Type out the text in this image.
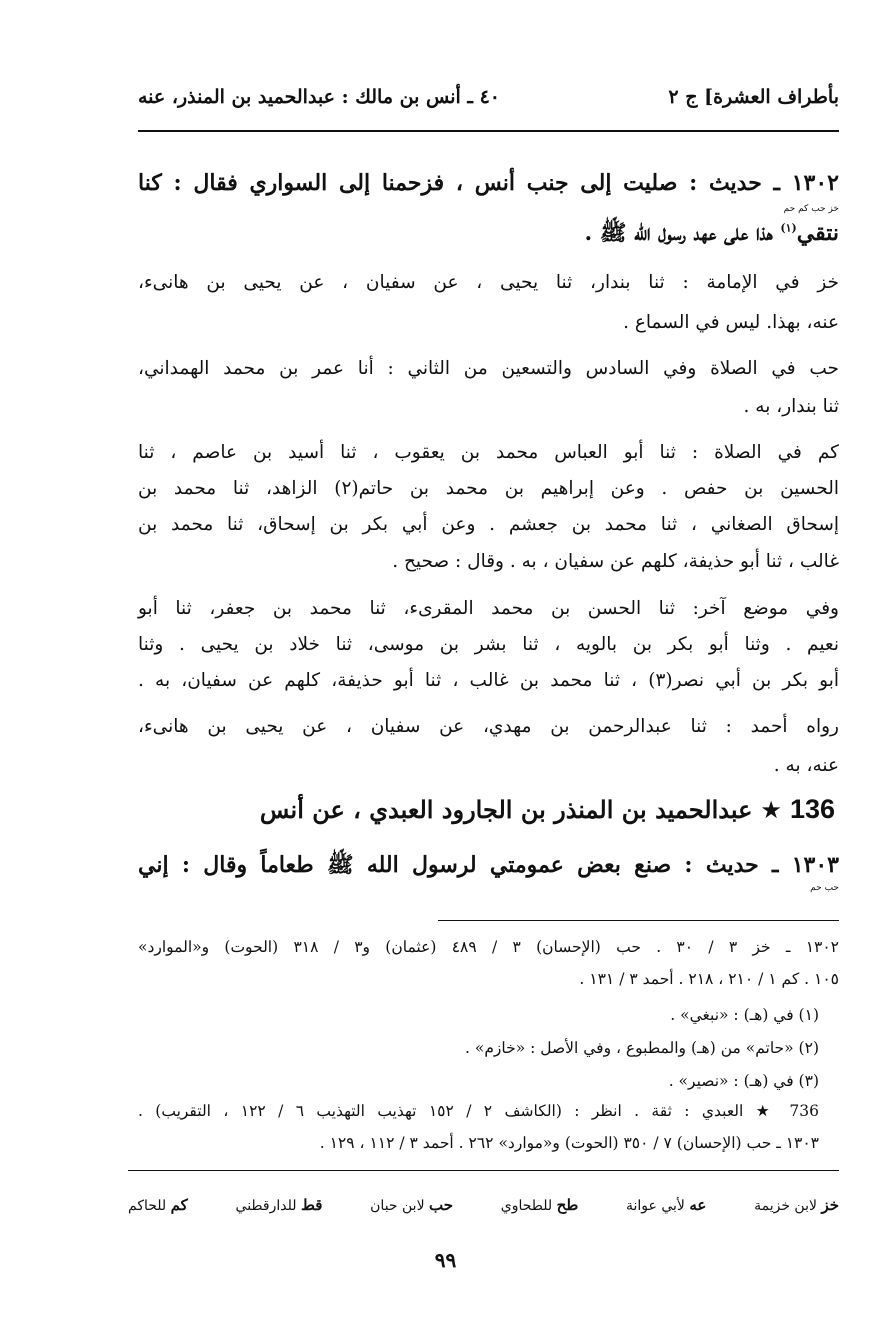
بأطراف العشرة] ج ٢
٤٠ ـ أنس بن مالك : عبدالحميد بن المنذر، عنه
١٣٠٢ ـ حديث : صليت إلى جنب أنس ، فزحمنا إلى السواري فقال : كنا
خز حب كم حم
نتقي$^{(١)}$ هذا على عهد رسول الله ﷺ .
خز في الإمامة : ثنا بندار، ثنا يحيى ، عن سفيان ، عن يحيى بن هانىء،
عنه، بهذا. ليس في السماع .
حب في الصلاة وفي السادس والتسعين من الثاني : أنا عمر بن محمد الهمداني،
ثنا بندار، به .
كم في الصلاة : ثنا أبو العباس محمد بن يعقوب ، ثنا أسيد بن عاصم ، ثنا
الحسين بن حفص . وعن إبراهيم بن محمد بن حاتم(٢) الزاهد، ثنا محمد بن
إسحاق الصغاني ، ثنا محمد بن جعشم . وعن أبي بكر بن إسحاق، ثنا محمد بن
غالب ، ثنا أبو حذيفة، كلهم عن سفيان ، به . وقال : صحيح .
وفي موضع آخر: ثنا الحسن بن محمد المقرىء، ثنا محمد بن جعفر، ثنا أبو
نعيم . وثنا أبو بكر بن بالويه ، ثنا بشر بن موسى، ثنا خلاد بن يحيى . وثنا
أبو بكر بن أبي نصر(٣) ، ثنا محمد بن غالب ، ثنا أبو حذيفة، كلهم عن سفيان، به .
رواه أحمد : ثنا عبدالرحمن بن مهدي، عن سفيان ، عن يحيى بن هانىء،
عنه، به .
136★عبدالحميد بن المنذر بن الجارود العبدي ، عن أنس
١٣٠٣ ـ حديث : صنع بعض عمومتي لرسول الله ﷺ طعاماً وقال : إني
حب حم
١٣٠٢ ـ خز ٣ / ٣٠ . حب (الإحسان) ٣ / ٤٨٩ (عثمان) و٣ / ٣١٨ (الحوت) و«الموارد»
١٠٥ . كم ١ / ٢١٠ ، ٢١٨ . أحمد ٣ / ١٣١ .
(١) في (هـ) : «نبغي» .
(٢) «حاتم» من (هـ) والمطبوع ، وفي الأصل : «خازم» .
(٣) في (هـ) : «نصير» .
736 ★ العبدي : ثقة . انظر : (الكاشف ٢ / ١٥٢ تهذيب التهذيب ٦ / ١٢٢ ، التقريب) .
١٣٠٣ ـ حب (الإحسان) ٧ / ٣٥٠ (الحوت) و«موارد» ٢٦٢ . أحمد ٣ / ١١٢ ، ١٢٩ .
خز لابن خزيمة
عه لأبي عوانة
طح للطحاوي
حب لابن حبان
قط للدارقطني
كم للحاكم
٩٩
